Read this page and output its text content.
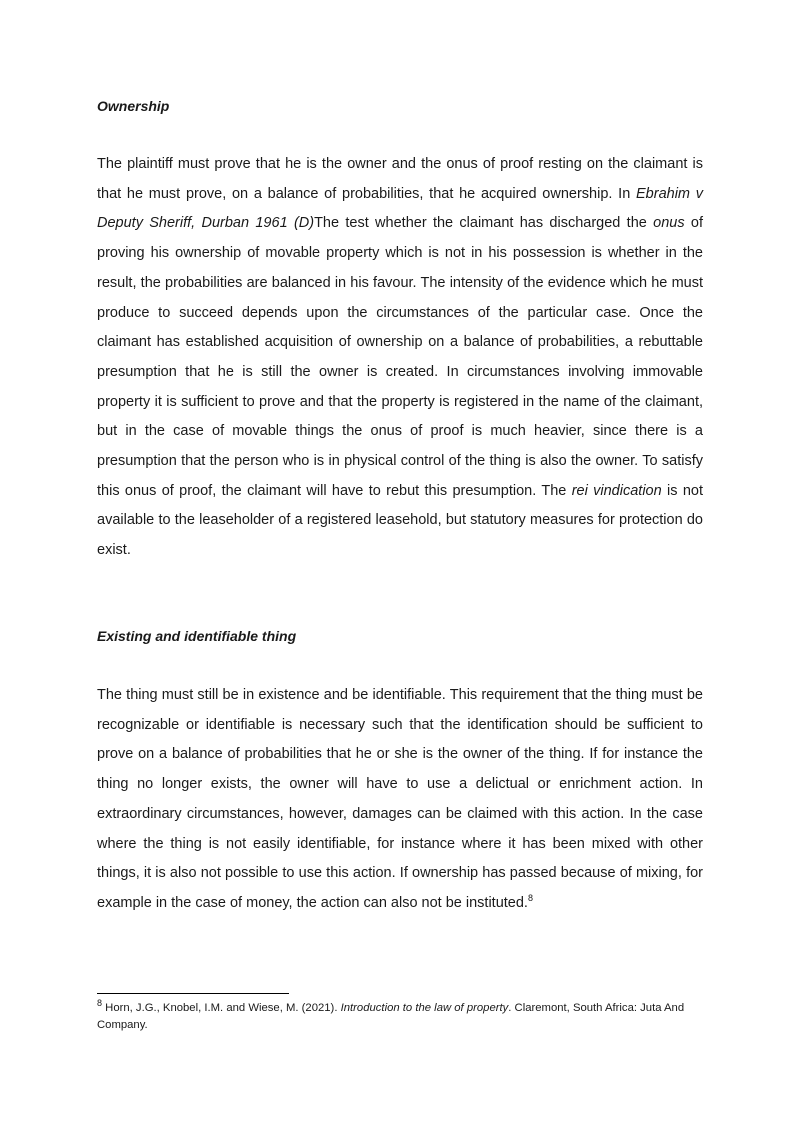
Ownership

The plaintiff must prove that he is the owner and the onus of proof resting on the claimant is that he must prove, on a balance of probabilities, that he acquired ownership. In Ebrahim v Deputy Sheriff, Durban 1961 (D)The test whether the claimant has discharged the onus of proving his ownership of movable property which is not in his possession is whether in the result, the probabilities are balanced in his favour. The intensity of the evidence which he must produce to succeed depends upon the circumstances of the particular case. Once the claimant has established acquisition of ownership on a balance of probabilities, a rebuttable presumption that he is still the owner is created. In circumstances involving immovable property it is sufficient to prove and that the property is registered in the name of the claimant, but in the case of movable things the onus of proof is much heavier, since there is a presumption that the person who is in physical control of the thing is also the owner. To satisfy this onus of proof, the claimant will have to rebut this presumption. The rei vindication is not available to the leaseholder of a registered leasehold, but statutory measures for protection do exist.

Existing and identifiable thing

The thing must still be in existence and be identifiable. This requirement that the thing must be recognizable or identifiable is necessary such that the identification should be sufficient to prove on a balance of probabilities that he or she is the owner of the thing. If for instance the thing no longer exists, the owner will have to use a delictual or enrichment action. In extraordinary circumstances, however, damages can be claimed with this action. In the case where the thing is not easily identifiable, for instance where it has been mixed with other things, it is also not possible to use this action. If ownership has passed because of mixing, for example in the case of money, the action can also not be instituted.$^8$

$^8$ Horn, J.G., Knobel, I.M. and Wiese, M. (2021). Introduction to the law of property. Claremont, South Africa: Juta And Company.
